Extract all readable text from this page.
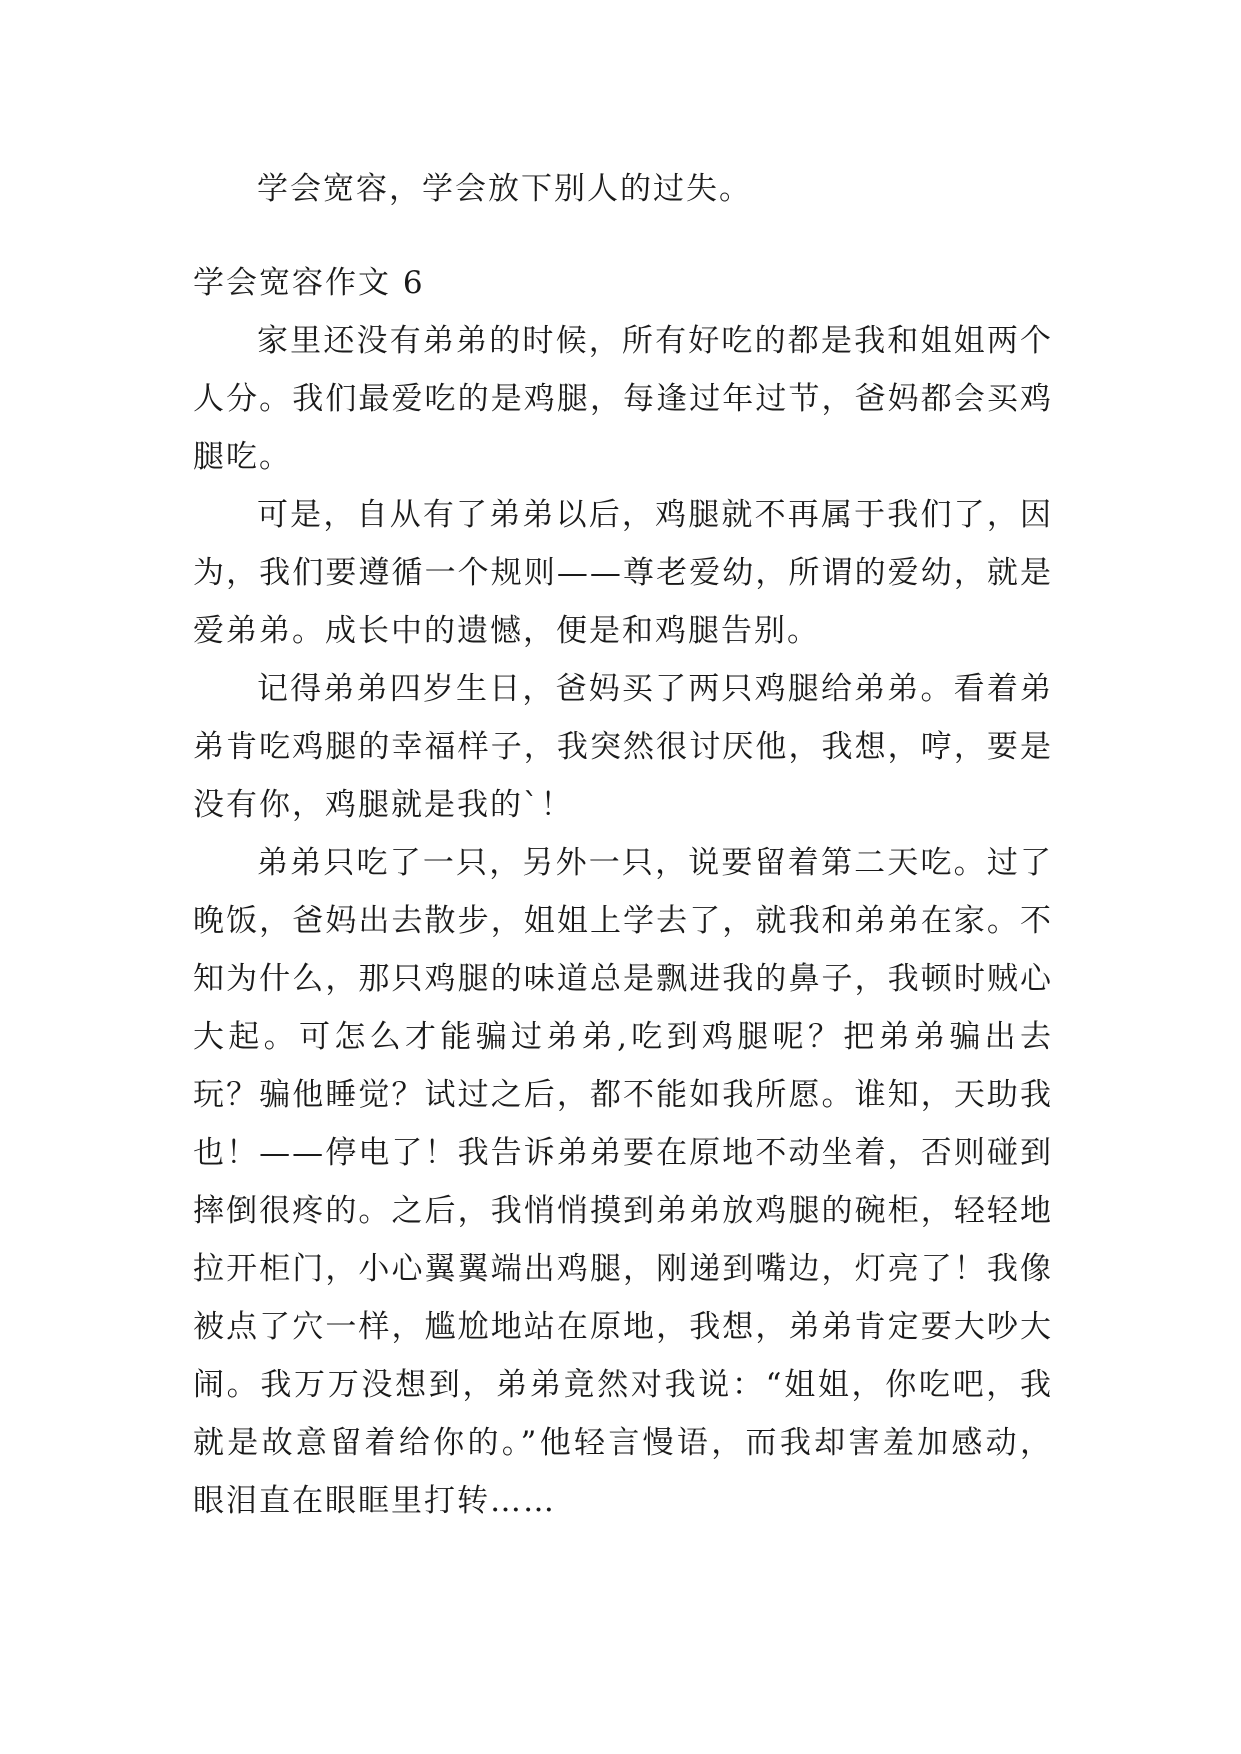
学会宽容，学会放下别人的过失。

学会宽容作文 6

家里还没有弟弟的时候，所有好吃的都是我和姐姐两个人分。我们最爱吃的是鸡腿，每逢过年过节，爸妈都会买鸡腿吃。

可是，自从有了弟弟以后，鸡腿就不再属于我们了，因为，我们要遵循一个规则——尊老爱幼，所谓的爱幼，就是爱弟弟。成长中的遗憾，便是和鸡腿告别。

记得弟弟四岁生日，爸妈买了两只鸡腿给弟弟。看着弟弟肯吃鸡腿的幸福样子，我突然很讨厌他，我想，哼，要是没有你，鸡腿就是我的`！

弟弟只吃了一只，另外一只，说要留着第二天吃。过了晚饭，爸妈出去散步，姐姐上学去了，就我和弟弟在家。不知为什么，那只鸡腿的味道总是飘进我的鼻子，我顿时贼心大起。可怎么才能骗过弟弟,吃到鸡腿呢？把弟弟骗出去玩？骗他睡觉？试过之后，都不能如我所愿。谁知，天助我也！——停电了！我告诉弟弟要在原地不动坐着，否则碰到摔倒很疼的。之后，我悄悄摸到弟弟放鸡腿的碗柜，轻轻地拉开柜门，小心翼翼端出鸡腿，刚递到嘴边，灯亮了！我像被点了穴一样，尴尬地站在原地，我想，弟弟肯定要大吵大闹。我万万没想到，弟弟竟然对我说：“姐姐，你吃吧，我就是故意留着给你的。”他轻言慢语，而我却害羞加感动，眼泪直在眼眶里打转……
